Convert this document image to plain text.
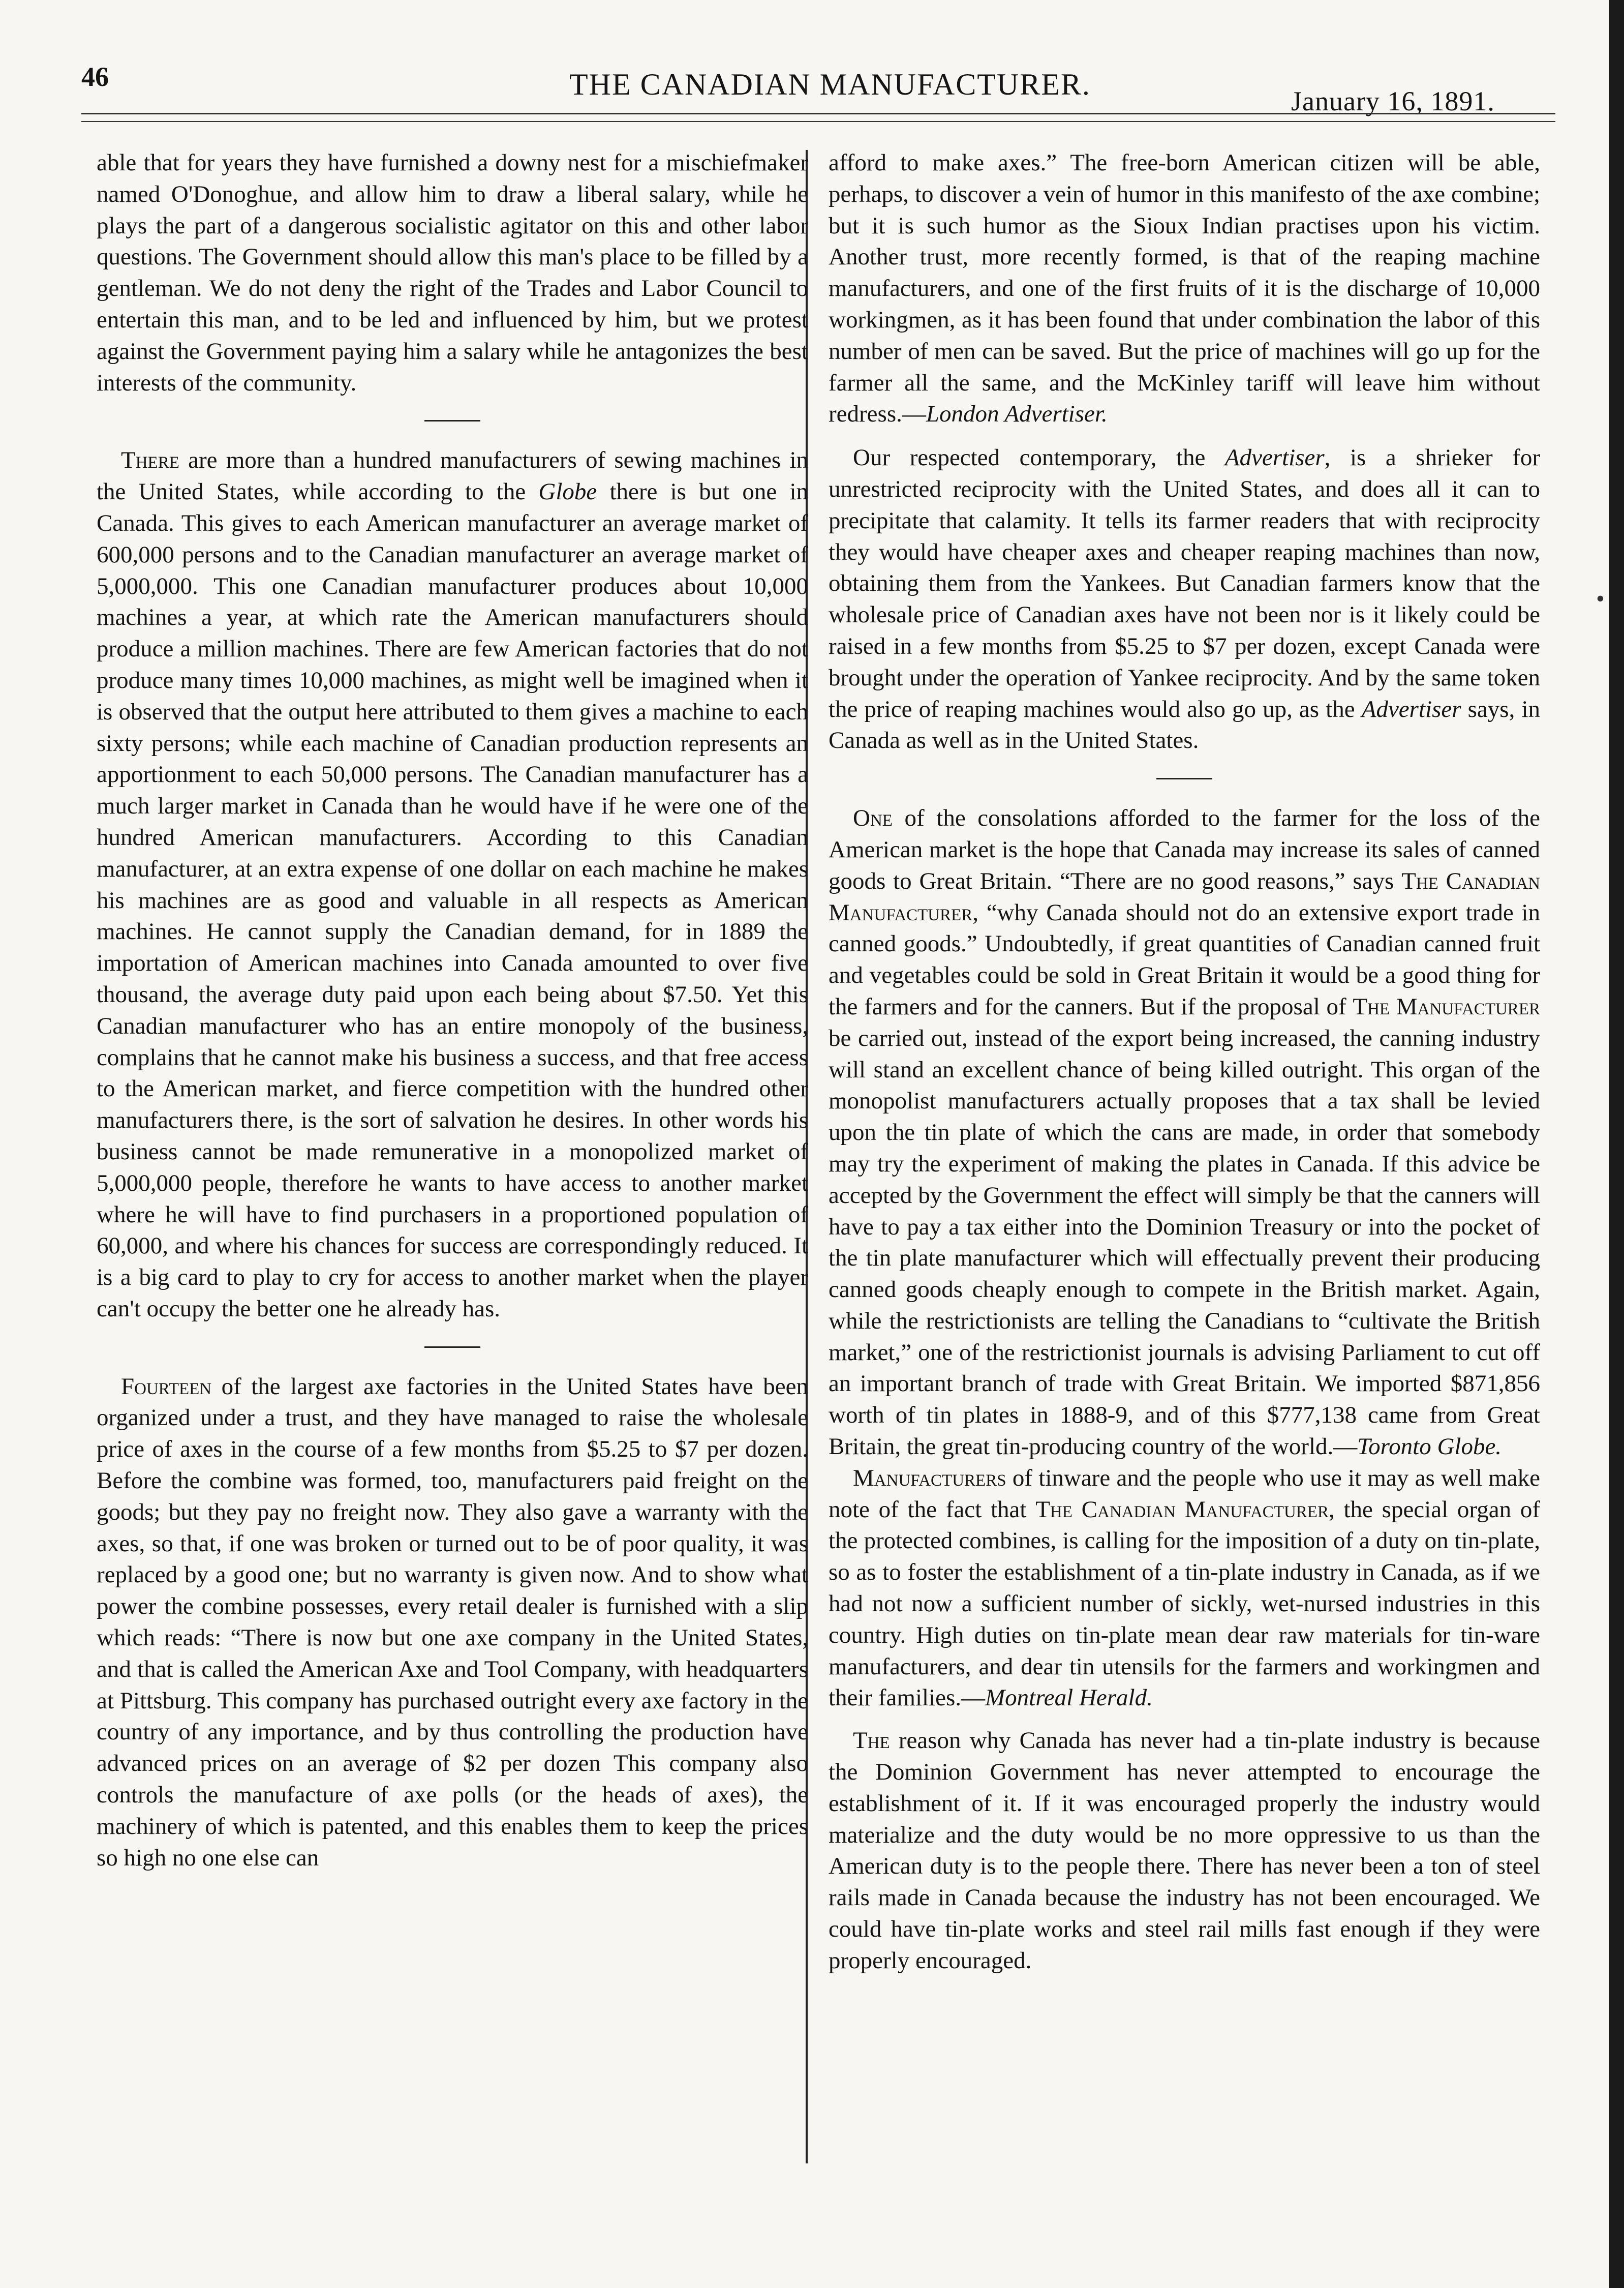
46	THE CANADIAN MANUFACTURER.	January 16, 1891.

able that for years they have furnished a downy nest for a mischiefmaker named O'Donoghue, and allow him to draw a liberal salary, while he plays the part of a dangerous socialistic agitator on this and other labor questions. The Government should allow this man's place to be filled by a gentleman. We do not deny the right of the Trades and Labor Council to entertain this man, and to be led and influenced by him, but we protest against the Government paying him a salary while he antagonizes the best interests of the community.

There are more than a hundred manufacturers of sewing machines in the United States, while according to the Globe there is but one in Canada. This gives to each American manufacturer an average market of 600,000 persons and to the Canadian manufacturer an average market of 5,000,000. This one Canadian manufacturer produces about 10,000 machines a year, at which rate the American manufacturers should produce a million machines. There are few American factories that do not produce many times 10,000 machines, as might well be imagined when it is observed that the output here attributed to them gives a machine to each sixty persons; while each machine of Canadian production represents an apportionment to each 50,000 persons. The Canadian manufacturer has a much larger market in Canada than he would have if he were one of the hundred American manufacturers. According to this Canadian manufacturer, at an extra expense of one dollar on each machine he makes his machines are as good and valuable in all respects as American machines. He cannot supply the Canadian demand, for in 1889 the importation of American machines into Canada amounted to over five thousand, the average duty paid upon each being about $7.50. Yet this Canadian manufacturer who has an entire monopoly of the business, complains that he cannot make his business a success, and that free access to the American market, and fierce competition with the hundred other manufacturers there, is the sort of salvation he desires. In other words his business cannot be made remunerative in a monopolized market of 5,000,000 people, therefore he wants to have access to another market where he will have to find purchasers in a proportioned population of 60,000, and where his chances for success are correspondingly reduced. It is a big card to play to cry for access to another market when the player can't occupy the better one he already has.

Fourteen of the largest axe factories in the United States have been organized under a trust, and they have managed to raise the wholesale price of axes in the course of a few months from $5.25 to $7 per dozen. Before the combine was formed, too, manufacturers paid freight on the goods; but they pay no freight now. They also gave a warranty with the axes, so that, if one was broken or turned out to be of poor quality, it was replaced by a good one; but no warranty is given now. And to show what power the combine possesses, every retail dealer is furnished with a slip which reads: “There is now but one axe company in the United States, and that is called the American Axe and Tool Company, with headquarters at Pittsburg. This company has purchased outright every axe factory in the country of any importance, and by thus controlling the production have advanced prices on an average of $2 per dozen This company also controls the manufacture of axe polls (or the heads of axes), the machinery of which is patented, and this enables them to keep the prices so high no one else can

afford to make axes.” The free-born American citizen will be able, perhaps, to discover a vein of humor in this manifesto of the axe combine; but it is such humor as the Sioux Indian practises upon his victim. Another trust, more recently formed, is that of the reaping machine manufacturers, and one of the first fruits of it is the discharge of 10,000 workingmen, as it has been found that under combination the labor of this number of men can be saved. But the price of machines will go up for the farmer all the same, and the McKinley tariff will leave him without redress.—London Advertiser.

Our respected contemporary, the Advertiser, is a shrieker for unrestricted reciprocity with the United States, and does all it can to precipitate that calamity. It tells its farmer readers that with reciprocity they would have cheaper axes and cheaper reaping machines than now, obtaining them from the Yankees. But Canadian farmers know that the wholesale price of Canadian axes have not been nor is it likely could be raised in a few months from $5.25 to $7 per dozen, except Canada were brought under the operation of Yankee reciprocity. And by the same token the price of reaping machines would also go up, as the Advertiser says, in Canada as well as in the United States.

One of the consolations afforded to the farmer for the loss of the American market is the hope that Canada may increase its sales of canned goods to Great Britain. “There are no good reasons,” says The Canadian Manufacturer, “why Canada should not do an extensive export trade in canned goods.” Undoubtedly, if great quantities of Canadian canned fruit and vegetables could be sold in Great Britain it would be a good thing for the farmers and for the canners. But if the proposal of The Manufacturer be carried out, instead of the export being increased, the canning industry will stand an excellent chance of being killed outright. This organ of the monopolist manufacturers actually proposes that a tax shall be levied upon the tin plate of which the cans are made, in order that somebody may try the experiment of making the plates in Canada. If this advice be accepted by the Government the effect will simply be that the canners will have to pay a tax either into the Dominion Treasury or into the pocket of the tin plate manufacturer which will effectually prevent their producing canned goods cheaply enough to compete in the British market. Again, while the restrictionists are telling the Canadians to “cultivate the British market,” one of the restrictionist journals is advising Parliament to cut off an important branch of trade with Great Britain. We imported $871,856 worth of tin plates in 1888-9, and of this $777,138 came from Great Britain, the great tin-producing country of the world.—Toronto Globe.

Manufacturers of tinware and the people who use it may as well make note of the fact that The Canadian Manufacturer, the special organ of the protected combines, is calling for the imposition of a duty on tin-plate, so as to foster the establishment of a tin-plate industry in Canada, as if we had not now a sufficient number of sickly, wet-nursed industries in this country. High duties on tin-plate mean dear raw materials for tin-ware manufacturers, and dear tin utensils for the farmers and workingmen and their families.—Montreal Herald.

The reason why Canada has never had a tin-plate industry is because the Dominion Government has never attempted to encourage the establishment of it. If it was encouraged properly the industry would materialize and the duty would be no more oppressive to us than the American duty is to the people there. There has never been a ton of steel rails made in Canada because the industry has not been encouraged. We could have tin-plate works and steel rail mills fast enough if they were properly encouraged.

•
